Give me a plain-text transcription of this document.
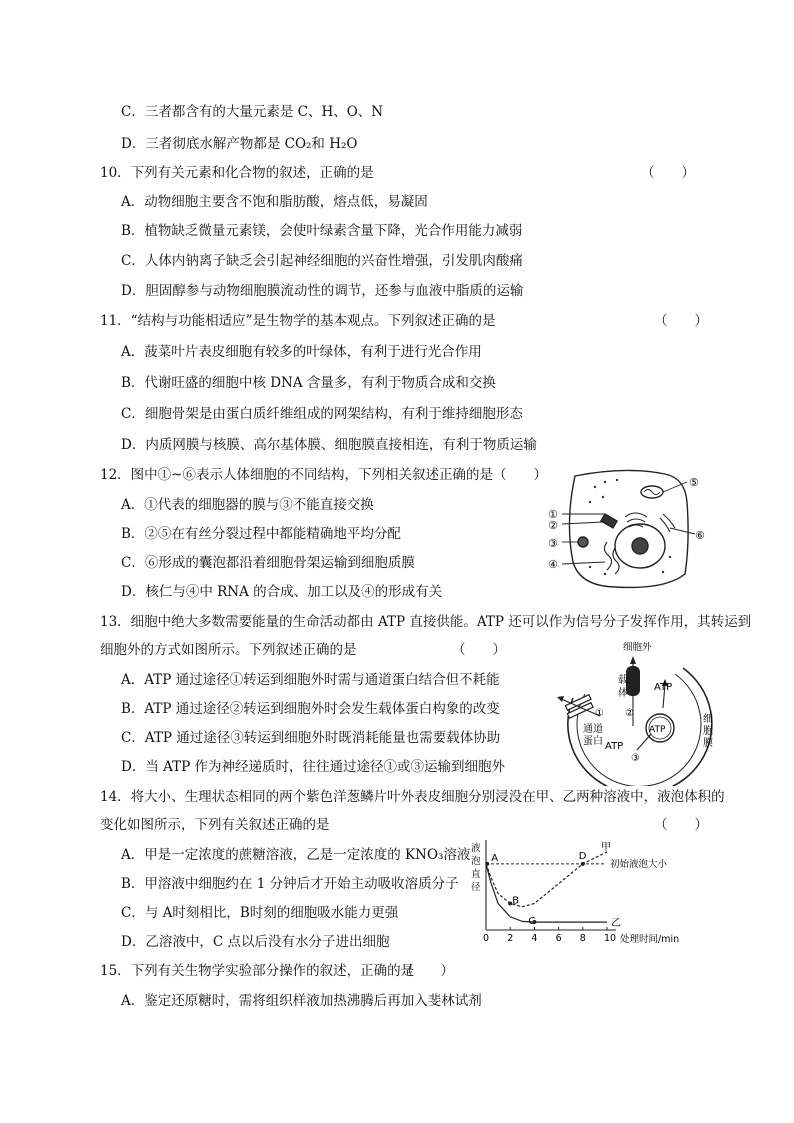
C．三者都含有的大量元素是 C、H、O、N
D．三者彻底水解产物都是 CO₂和 H₂O
10．下列有关元素和化合物的叙述，正确的是	（　　）
A．动物细胞主要含不饱和脂肪酸，熔点低，易凝固
B．植物缺乏微量元素镁，会使叶绿素含量下降，光合作用能力减弱
C．人体内钠离子缺乏会引起神经细胞的兴奋性增强，引发肌肉酸痛
D．胆固醇参与动物细胞膜流动性的调节，还参与血液中脂质的运输
11．“结构与功能相适应”是生物学的基本观点。下列叙述正确的是	（　　）
A．菠菜叶片表皮细胞有较多的叶绿体，有利于进行光合作用
B．代谢旺盛的细胞中核 DNA 含量多，有利于物质合成和交换
C．细胞骨架是由蛋白质纤维组成的网架结构，有利于维持细胞形态
D．内质网膜与核膜、高尔基体膜、细胞膜直接相连，有利于物质运输
12．图中①~⑥表示人体细胞的不同结构，下列相关叙述正确的是（　　）
A．①代表的细胞器的膜与③不能直接交换
B．②⑤在有丝分裂过程中都能精确地平均分配
C．⑥形成的囊泡都沿着细胞骨架运输到细胞质膜
D．核仁与④中 RNA 的合成、加工以及④的形成有关
①
②
③
④
⑤
⑥
13．细胞中绝大多数需要能量的生命活动都由 ATP 直接供能。ATP 还可以作为信号分子发挥作用，其转运到
细胞外的方式如图所示。下列叙述正确的是	（　　）
A．ATP 通过途径①转运到细胞外时需与通道蛋白结合但不耗能
B．ATP 通过途径②转运到细胞外时会发生载体蛋白构象的改变
C．ATP 通过途径③转运到细胞外时既消耗能量也需要载体协助
D．当 ATP 作为神经递质时，往往通过途径①或③运输到细胞外
细胞外
载
体
ATP
ATP
ATP
① ②
③
通道
蛋白
细
胞
膜
14．将大小、生理状态相同的两个紫色洋葱鳞片叶外表皮细胞分别浸没在甲、乙两种溶液中，液泡体积的
变化如图所示，下列有关叙述正确的是	（　　）
A．甲是一定浓度的蔗糖溶液，乙是一定浓度的 KNO₃溶液
B．甲溶液中细胞约在 1 分钟后才开始主动吸收溶质分子
C．与 A时刻相比，B时刻的细胞吸水能力更强
D．乙溶液中，C 点以后没有水分子进出细胞
液
泡
直
径
处理时间/min
初始液泡大小
0 2 4 6 8 10
甲
乙
A
B
C
D
15．下列有关生物学实验部分操作的叙述，正确的是
（　　）
A．鉴定还原糖时，需将组织样液加热沸腾后再加入斐林试剂
